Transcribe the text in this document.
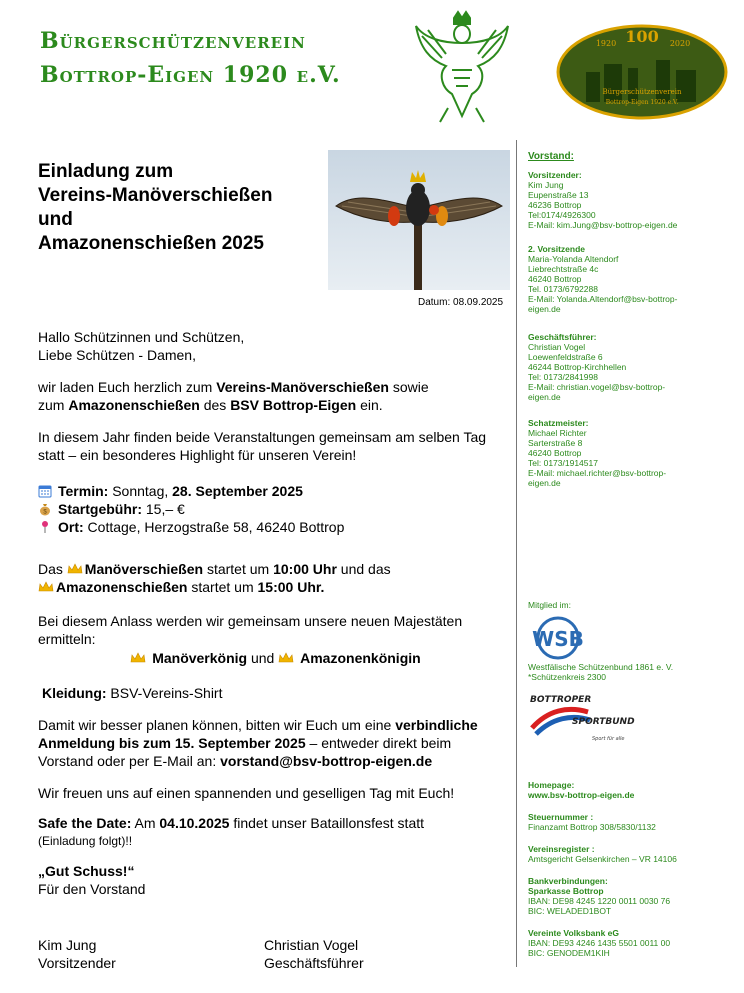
Bürgerschützenverein
Bottrop-Eigen 1920 e.V.
100
1920	2020
Bürgerschützenverein
Bottrop-Eigen 1920 e.V.
Einladung zum
Vereins-Manöverschießen
und
Amazonenschießen 2025
Datum: 08.09.2025
Hallo Schützinnen und Schützen,
Liebe Schützen - Damen,
wir laden Euch herzlich zum Vereins-Manöverschießen sowie
zum Amazonenschießen des BSV Bottrop-Eigen ein.
In diesem Jahr finden beide Veranstaltungen gemeinsam am selben Tag
statt – ein besonderes Highlight für unseren Verein!
Termin: Sonntag, 28. September 2025
$ Startgebühr: 15,– €
Ort: Cottage, Herzogstraße 58, 46240 Bottrop
Das Manöverschießen startet um 10:00 Uhr und das
Amazonenschießen startet um 15:00 Uhr.
Bei diesem Anlass werden wir gemeinsam unsere neuen Majestäten
ermitteln:
Manöverkönig und  Amazonenkönigin
Kleidung: BSV-Vereins-Shirt
Damit wir besser planen können, bitten wir Euch um eine verbindliche
Anmeldung bis zum 15. September 2025 – entweder direkt beim
Vorstand oder per E-Mail an: vorstand@bsv-bottrop-eigen.de
Wir freuen uns auf einen spannenden und geselligen Tag mit Euch!
Safe the Date: Am 04.10.2025 findet unser Bataillonsfest statt
(Einladung folgt)!!
„Gut Schuss!“
Für den Vorstand
Kim Jung
Vorsitzender
Christian Vogel
Geschäftsführer
Vorstand:
Vorsitzender:
Kim Jung
Eupenstraße 13
46236 Bottrop
Tel:0174/4926300
E-Mail: kim.Jung@bsv-bottrop-eigen.de
2. Vorsitzende
Maria-Yolanda Altendorf
Liebrechtstraße 4c
46240 Bottrop
Tel. 0173/6792288
E-Mail: Yolanda.Altendorf@bsv-bottrop-
eigen.de
Geschäftsführer:
Christian Vogel
Loewenfeldstraße 6
46244 Bottrop-Kirchhellen
Tel: 0173/2841998
E-Mail: christian.vogel@bsv-bottrop-
eigen.de
Schatzmeister:
Michael Richter
Sarterstraße 8
46240 Bottrop
Tel: 0173/1914517
E-Mail: michael.richter@bsv-bottrop-
eigen.de
Mitglied im:
WSB
Westfälische Schützenbund 1861 e. V.
*Schützenkreis 2300
BOTTROPER
SPORTBUND
Sport für alle
Homepage:
www.bsv-bottrop-eigen.de
Steuernummer :
Finanzamt Bottrop 308/5830/1132
Vereinsregister :
Amtsgericht Gelsenkirchen – VR 14106
Bankverbindungen:
Sparkasse Bottrop
IBAN: DE98 4245 1220 0011 0030 76
BIC: WELADED1BOT
Vereinte Volksbank eG
IBAN: DE93 4246 1435 5501 0011 00
BIC: GENODEM1KIH
